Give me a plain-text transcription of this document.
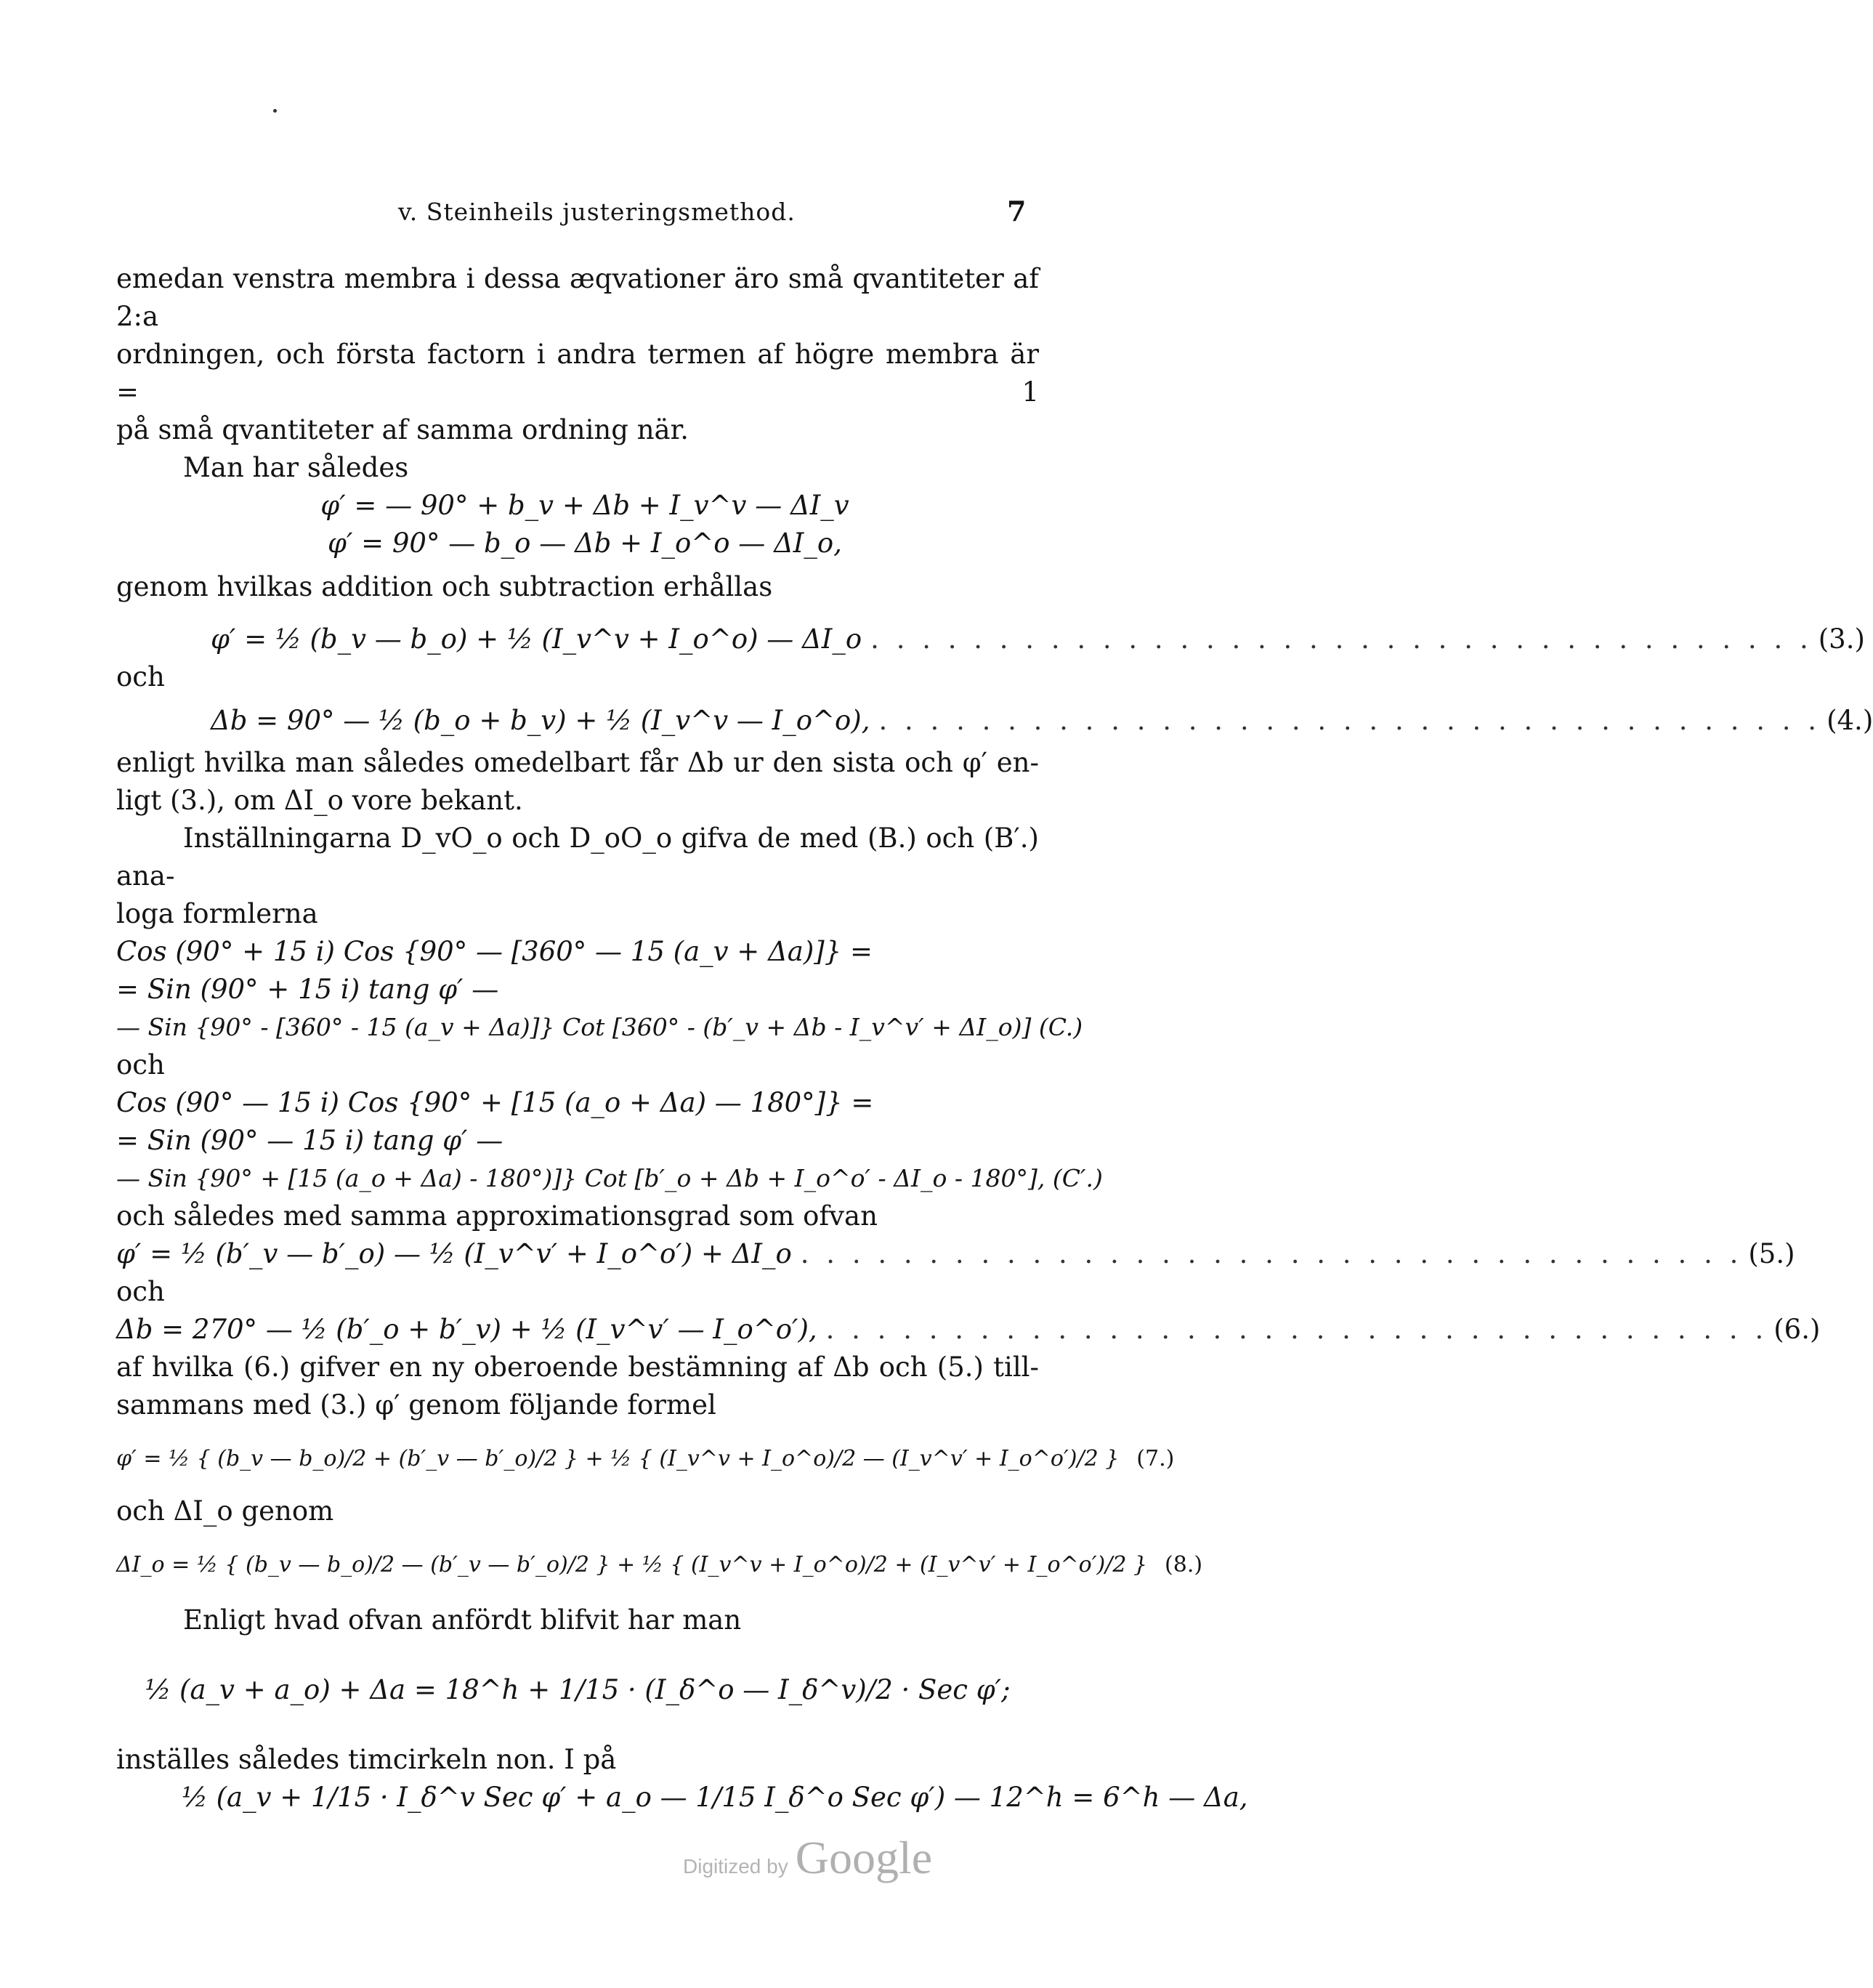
v. Steinheils justeringsmethod.	7

emedan venstra membra i dessa æqvationer äro små qvantiteter af 2:a

ordningen, och första factorn i andra termen af högre membra är = 1

på små qvantiteter af samma ordning när.

Man har således

φ′ = — 90° + b_v + Δb + I_v^v — ΔI_v

φ′ = 90° — b_o — Δb + I_o^o — ΔI_o,

genom hvilkas addition och subtraction erhållas

φ′ = ½ (b_v — b_o) + ½ (I_v^v + I_o^o) — ΔI_o . . . . . . . . . . . . . . . . . . . . . . . . . . . . . . . . . . . . . (3.)

och

Δb = 90° — ½ (b_o + b_v) + ½ (I_v^v — I_o^o), . . . . . . . . . . . . . . . . . . . . . . . . . . . . . . . . . . . . . (4.)

enligt hvilka man således omedelbart får Δb ur den sista och φ′ en-

ligt (3.), om ΔI_o vore bekant.

Inställningarna D_vO_o och D_oO_o gifva de med (B.) och (B′.) ana-

loga formlerna

Cos (90° + 15 i) Cos {90° — [360° — 15 (a_v + Δa)]} =

= Sin (90° + 15 i) tang φ′ —

— Sin {90° - [360° - 15 (a_v + Δa)]} Cot [360° - (b′_v + Δb - I_v^v′ + ΔI_o)] (C.)

och

Cos (90° — 15 i) Cos {90° + [15 (a_o + Δa) — 180°]} =

= Sin (90° — 15 i) tang φ′ —

— Sin {90° + [15 (a_o + Δa) - 180°)]} Cot [b′_o + Δb + I_o^o′ - ΔI_o - 180°], (C′.)

och således med samma approximationsgrad som ofvan

φ′ = ½ (b′_v — b′_o) — ½ (I_v^v′ + I_o^o′) + ΔI_o . . . . . . . . . . . . . . . . . . . . . . . . . . . . . . . . . . . . . (5.)

och

Δb = 270° — ½ (b′_o + b′_v) + ½ (I_v^v′ — I_o^o′), . . . . . . . . . . . . . . . . . . . . . . . . . . . . . . . . . . . . . (6.)

af hvilka (6.) gifver en ny oberoende bestämning af Δb och (5.) till-

sammans med (3.) φ′ genom följande formel

φ′ = ½ { (b_v — b_o)/2 + (b′_v — b′_o)/2 } + ½ { (I_v^v + I_o^o)/2 — (I_v^v′ + I_o^o′)/2 } (7.)

och ΔI_o genom

ΔI_o = ½ { (b_v — b_o)/2 — (b′_v — b′_o)/2 } + ½ { (I_v^v + I_o^o)/2 + (I_v^v′ + I_o^o′)/2 } (8.)

Enligt hvad ofvan anfördt blifvit har man

½ (a_v + a_o) + Δa = 18^h + 1/15 · (I_δ^o — I_δ^v)/2 · Sec φ′;

inställes således timcirkeln non. I på

½ (a_v + 1/15 · I_δ^v Sec φ′ + a_o — 1/15 I_δ^o Sec φ′) — 12^h = 6^h — Δa,

Digitized by Google
